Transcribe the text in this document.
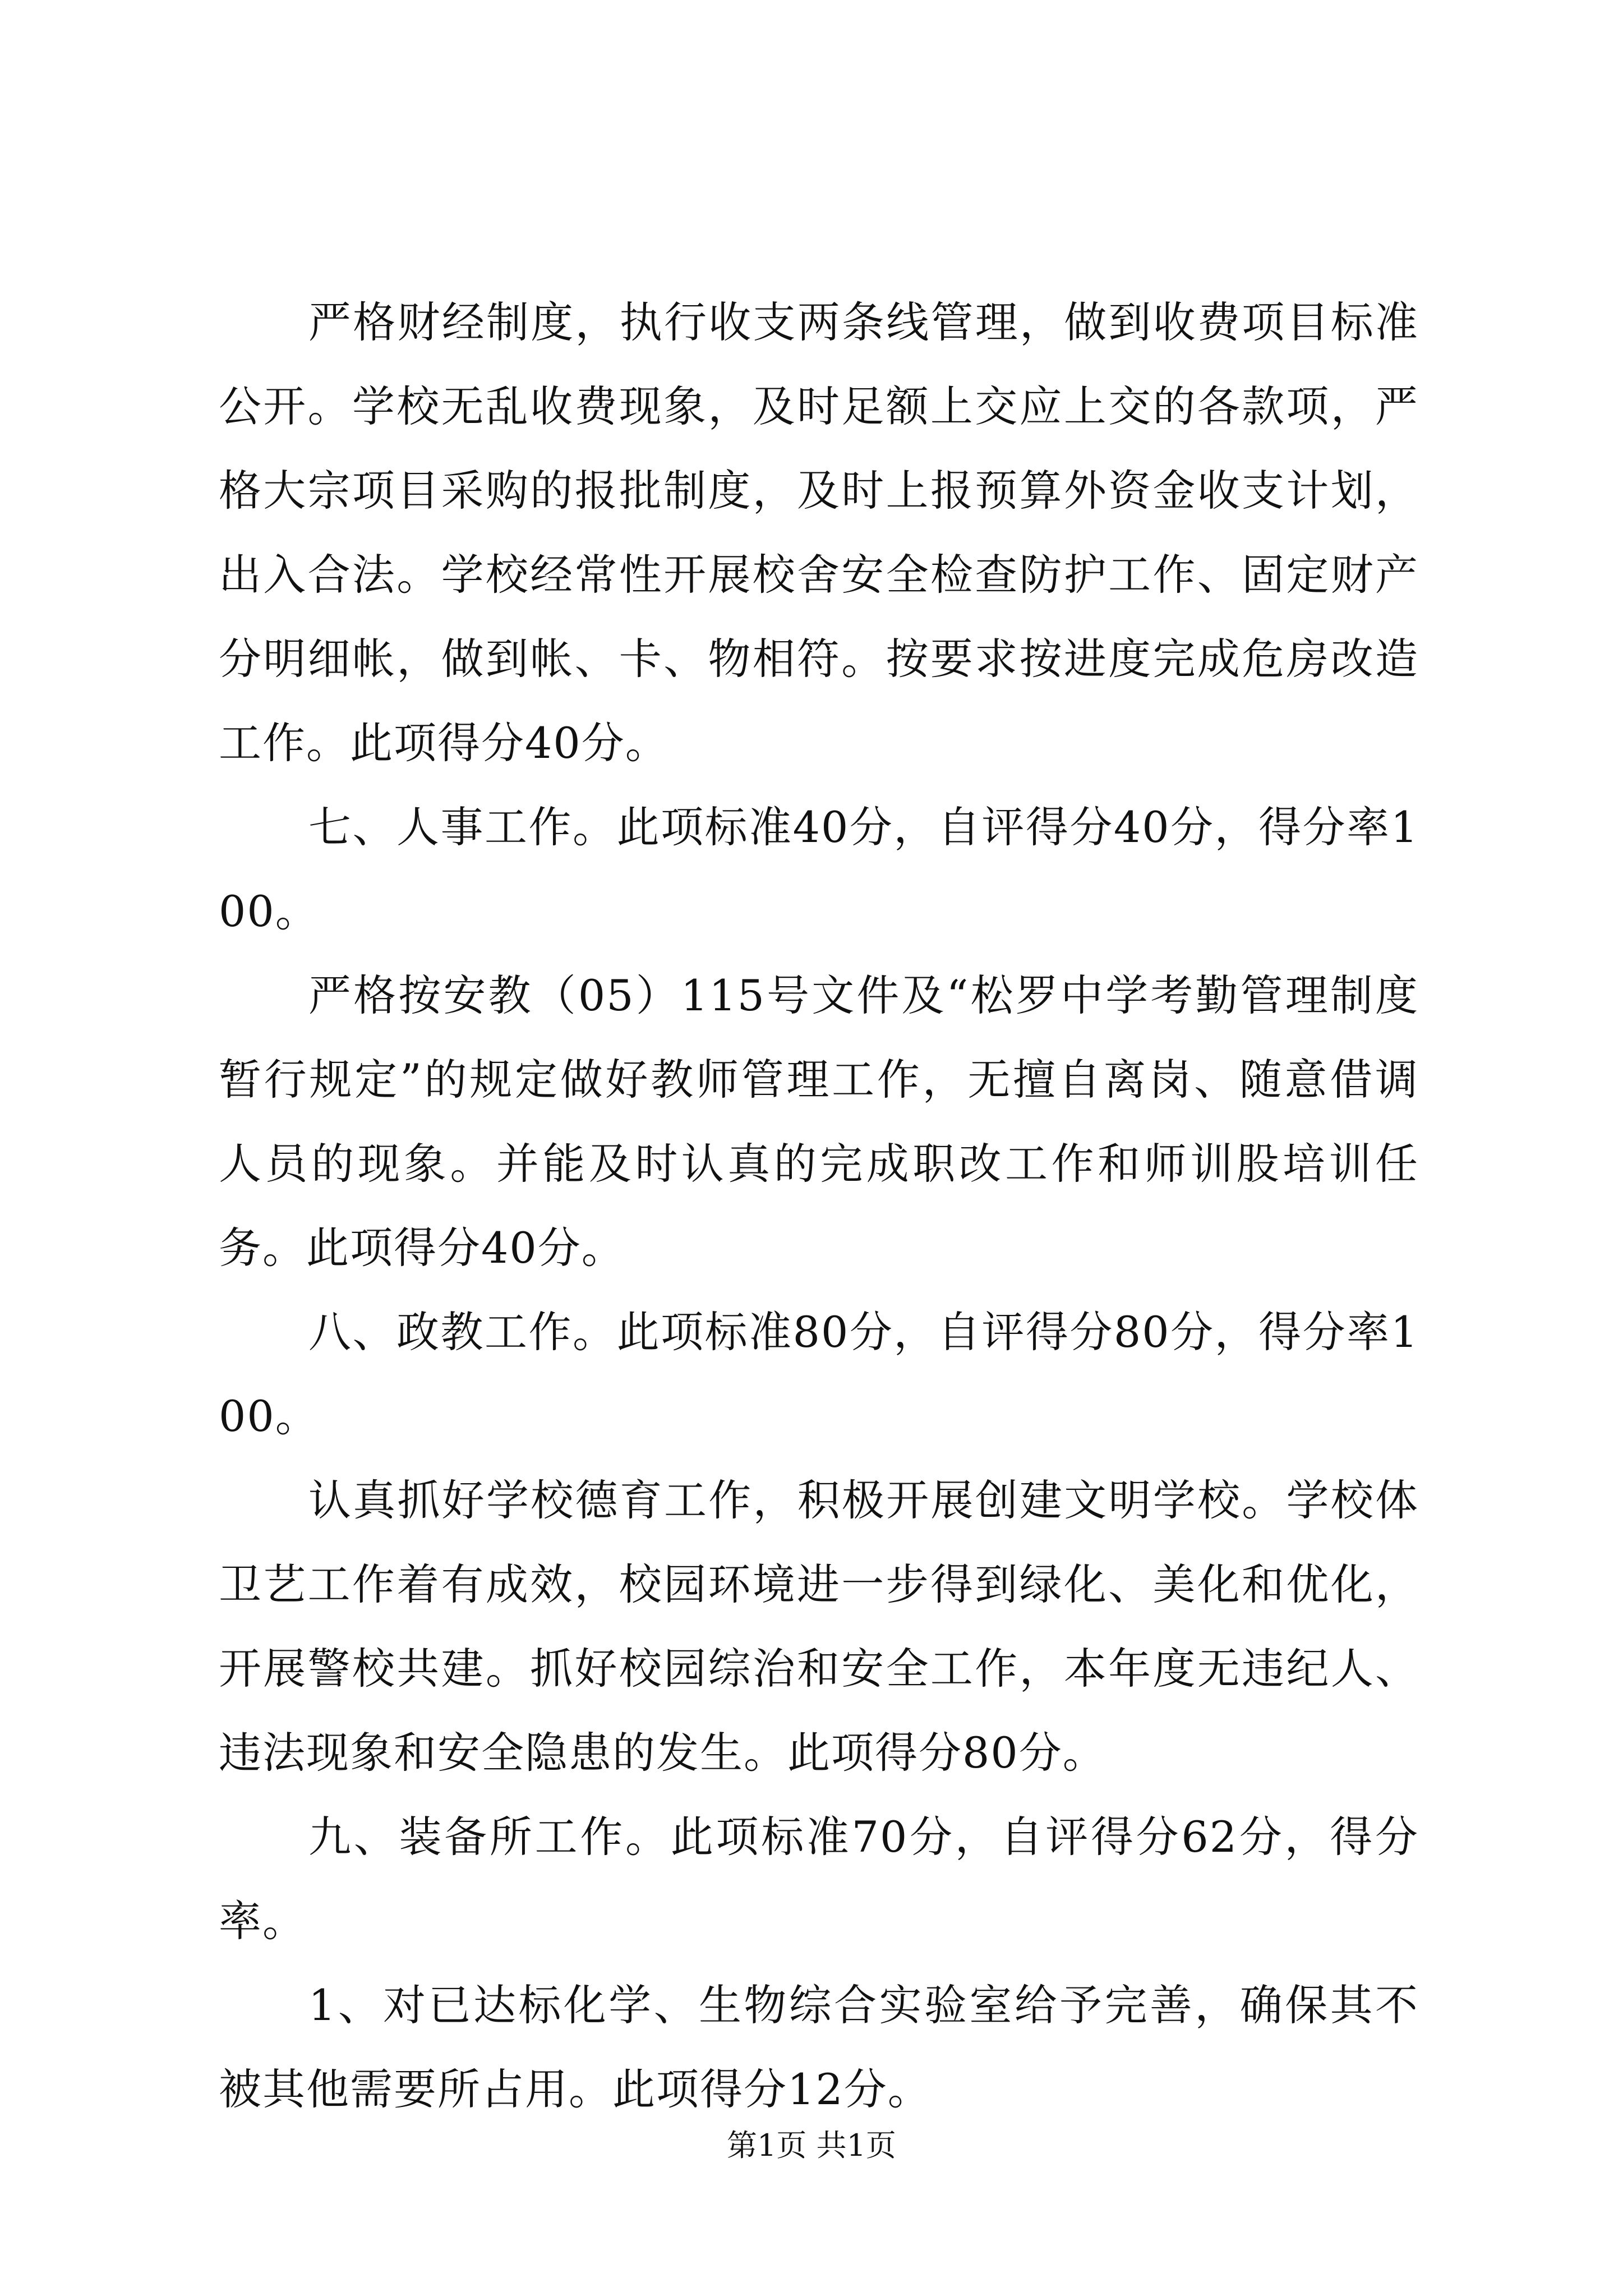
严格财经制度，执行收支两条线管理，做到收费项目标准公开。学校无乱收费现象，及时足额上交应上交的各款项，严格大宗项目采购的报批制度，及时上报预算外资金收支计划，出入合法。学校经常性开展校舍安全检查防护工作、固定财产分明细帐，做到帐、卡、物相符。按要求按进度完成危房改造工作。此项得分40分。

七、人事工作。此项标准40分，自评得分40分，得分率100。

严格按安教（05）115号文件及“松罗中学考勤管理制度暂行规定”的规定做好教师管理工作，无擅自离岗、随意借调人员的现象。并能及时认真的完成职改工作和师训股培训任务。此项得分40分。

八、政教工作。此项标准80分，自评得分80分，得分率100。

认真抓好学校德育工作，积极开展创建文明学校。学校体卫艺工作着有成效，校园环境进一步得到绿化、美化和优化，开展警校共建。抓好校园综治和安全工作，本年度无违纪人、违法现象和安全隐患的发生。此项得分80分。

九、装备所工作。此项标准70分，自评得分62分，得分率。

1、对已达标化学、生物综合实验室给予完善，确保其不被其他需要所占用。此项得分12分。

第1页 共1页
